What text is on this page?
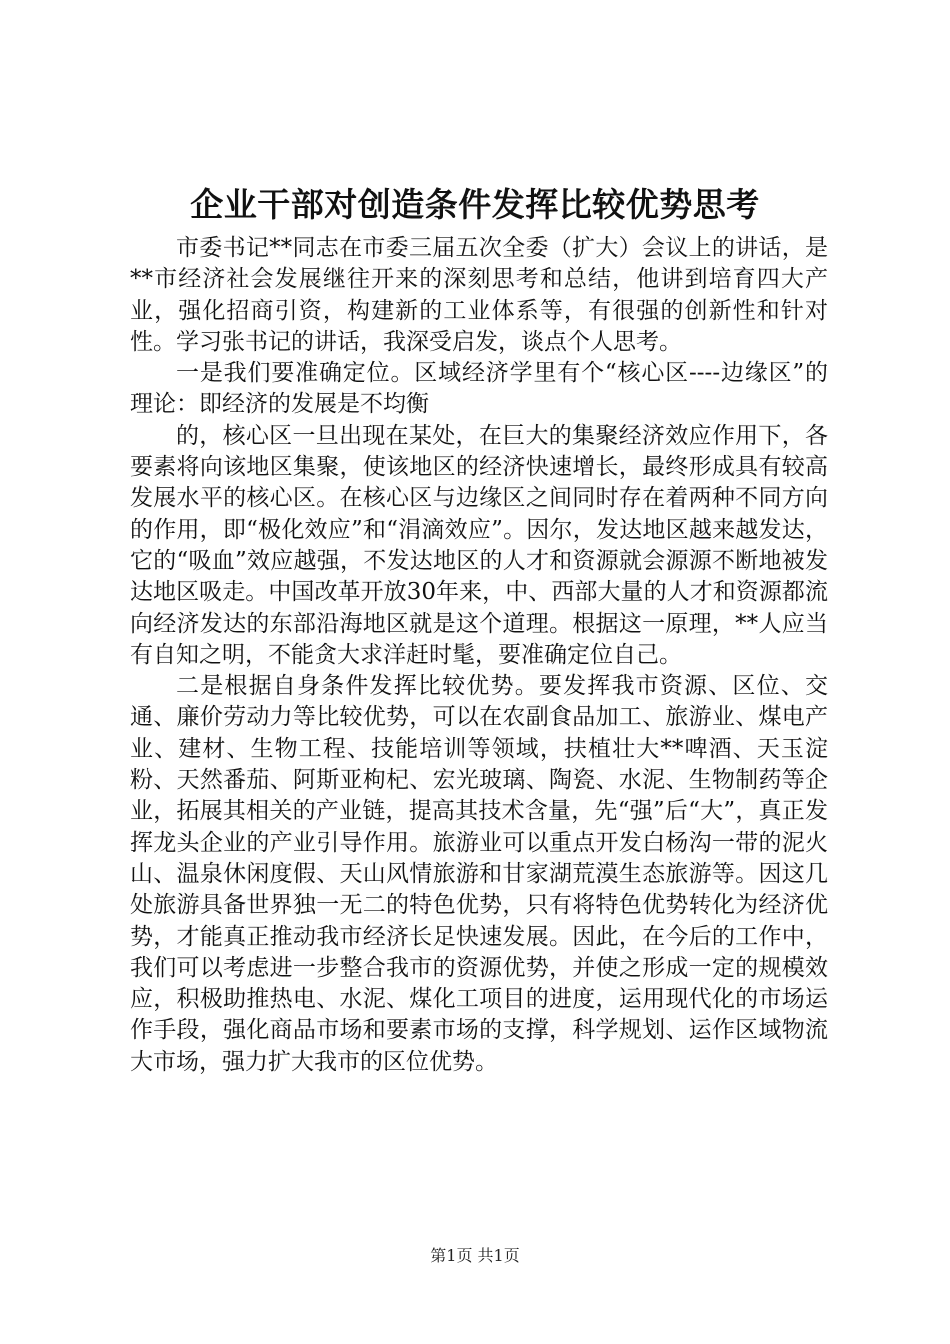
企业干部对创造条件发挥比较优势思考

市委书记**同志在市委三届五次全委（扩大）会议上的讲话，是**市经济社会发展继往开来的深刻思考和总结，他讲到培育四大产业，强化招商引资，构建新的工业体系等，有很强的创新性和针对性。学习张书记的讲话，我深受启发，谈点个人思考。

一是我们要准确定位。区域经济学里有个“核心区----边缘区”的理论：即经济的发展是不均衡

的，核心区一旦出现在某处，在巨大的集聚经济效应作用下，各要素将向该地区集聚，使该地区的经济快速增长，最终形成具有较高发展水平的核心区。在核心区与边缘区之间同时存在着两种不同方向的作用，即“极化效应”和“涓滴效应”。因尔，发达地区越来越发达，它的“吸血”效应越强，不发达地区的人才和资源就会源源不断地被发达地区吸走。中国改革开放30年来，中、西部大量的人才和资源都流向经济发达的东部沿海地区就是这个道理。根据这一原理，**人应当有自知之明，不能贪大求洋赶时髦，要准确定位自己。

二是根据自身条件发挥比较优势。要发挥我市资源、区位、交通、廉价劳动力等比较优势，可以在农副食品加工、旅游业、煤电产业、建材、生物工程、技能培训等领域，扶植壮大**啤酒、天玉淀粉、天然番茄、阿斯亚枸杞、宏光玻璃、陶瓷、水泥、生物制药等企业，拓展其相关的产业链，提高其技术含量，先“强”后“大”，真正发挥龙头企业的产业引导作用。旅游业可以重点开发白杨沟一带的泥火山、温泉休闲度假、天山风情旅游和甘家湖荒漠生态旅游等。因这几处旅游具备世界独一无二的特色优势，只有将特色优势转化为经济优势，才能真正推动我市经济长足快速发展。因此，在今后的工作中，我们可以考虑进一步整合我市的资源优势，并使之形成一定的规模效应，积极助推热电、水泥、煤化工项目的进度，运用现代化的市场运作手段，强化商品市场和要素市场的支撑，科学规划、运作区域物流大市场，强力扩大我市的区位优势。

第1页 共1页
